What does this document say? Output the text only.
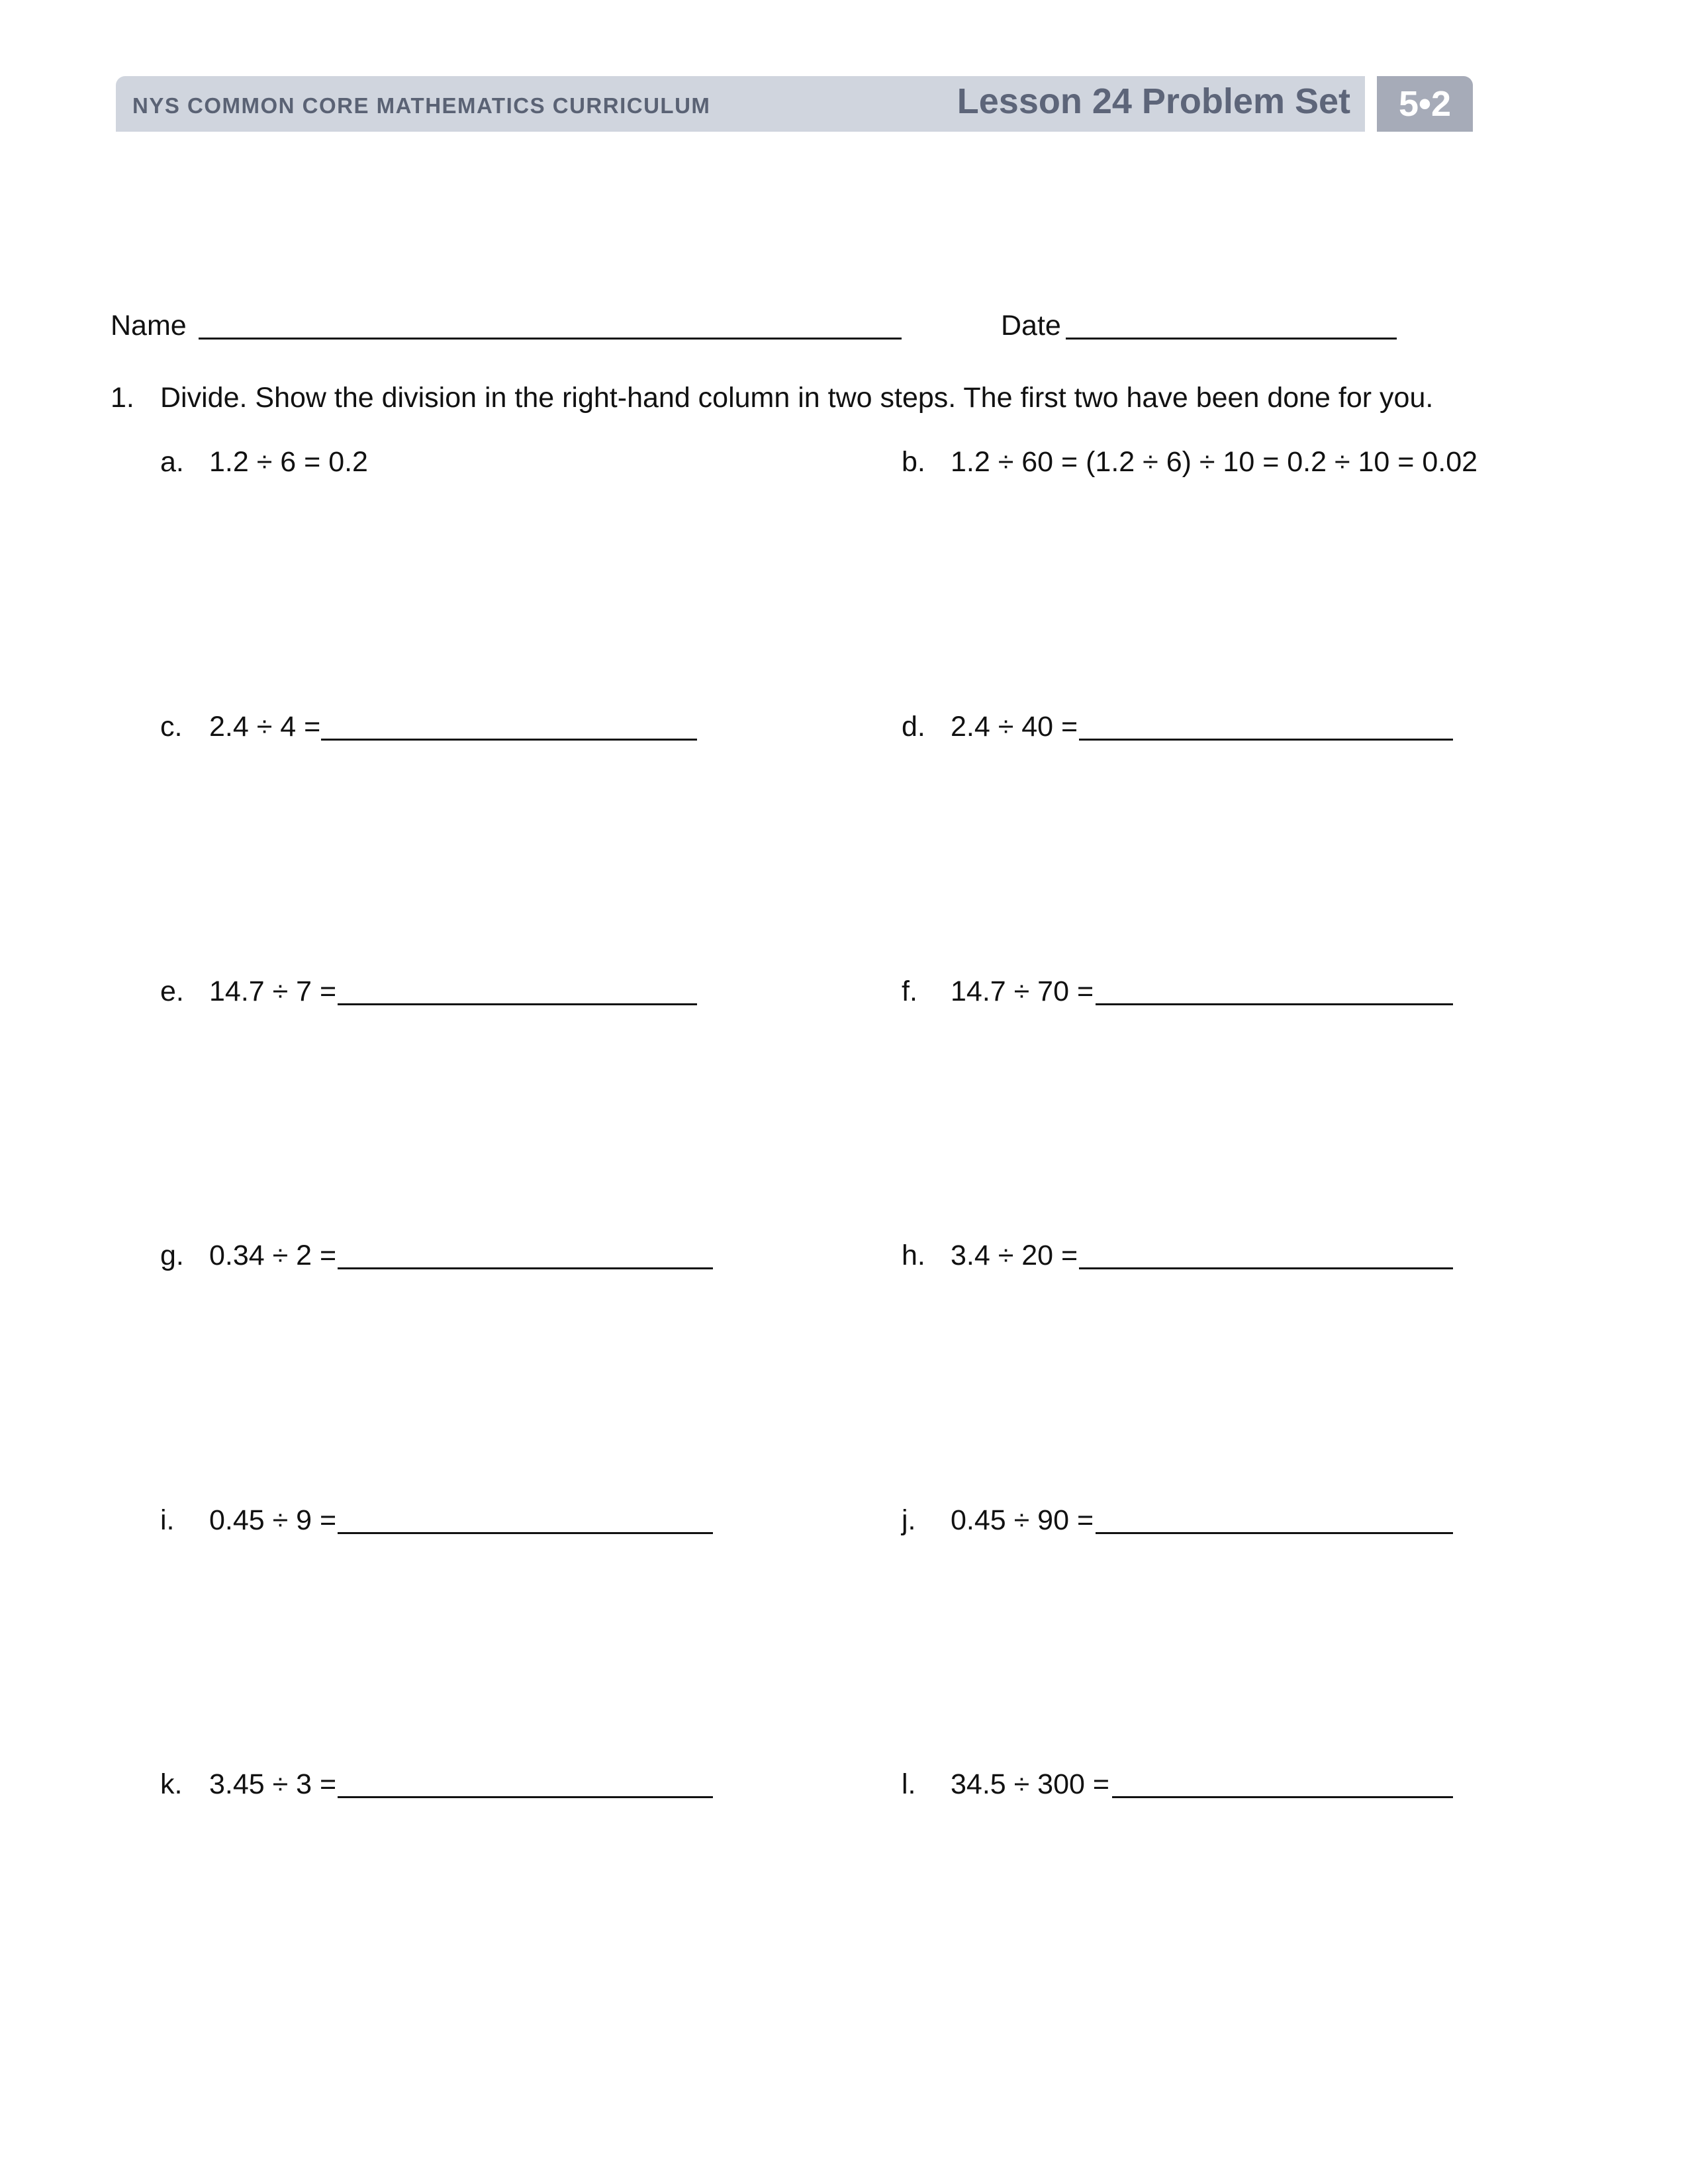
NYS COMMON CORE MATHEMATICS CURRICULUM	Lesson 24 Problem Set	5•2
Name	Date
1. Divide. Show the division in the right-hand column in two steps. The first two have been done for you.
a. 1.2 ÷ 6 = 0.2	b. 1.2 ÷ 60 = (1.2 ÷ 6) ÷ 10 = 0.2 ÷ 10 = 0.02
c. 2.4 ÷ 4 =	d. 2.4 ÷ 40 =
e. 14.7 ÷ 7 =	f. 14.7 ÷ 70 =
g. 0.34 ÷ 2 =	h. 3.4 ÷ 20 =
i. 0.45 ÷ 9 =	j. 0.45 ÷ 90 =
k. 3.45 ÷ 3 =	l. 34.5 ÷ 300 =
